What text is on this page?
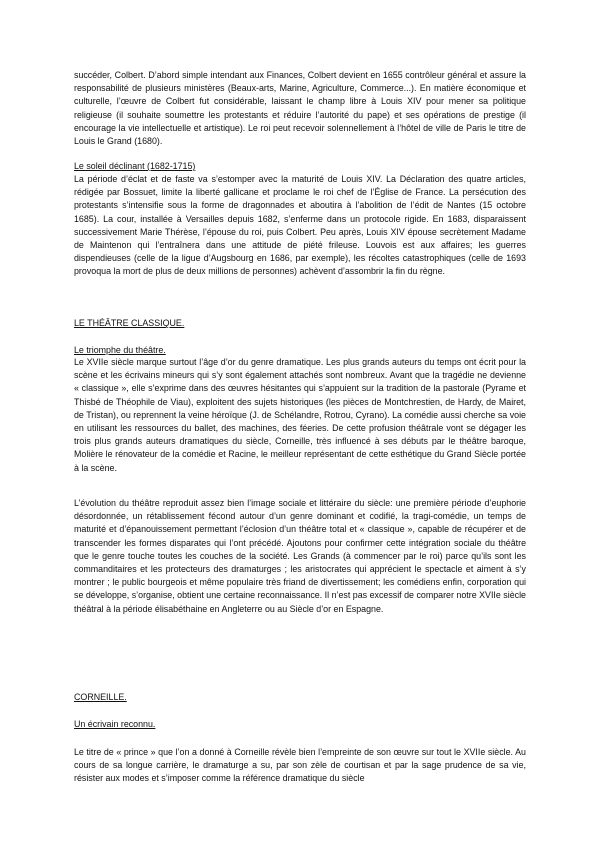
succéder, Colbert. D’abord simple intendant aux Finances, Colbert devient en 1655 contrôleur général et assure la responsabilité de plusieurs ministères (Beaux-arts, Marine, Agriculture, Commerce...). En matière économique et culturelle, l’œuvre de Colbert fut considérable, laissant le champ libre à Louis XIV pour mener sa politique religieuse (il souhaite soumettre les protestants et réduire l’autorité du pape) et ses opérations de prestige (il encourage la vie intellectuelle et artistique). Le roi peut recevoir solennellement à l’hôtel de ville de Paris le titre de Louis le Grand (1680).

Le soleil déclinant (1682-1715)

La période d’éclat et de faste va s’estomper avec la maturité de Louis XIV. La Déclaration des quatre articles, rédigée par Bossuet, limite la liberté gallicane et proclame le roi chef de l’Église de France. La persécution des protestants s’intensifie sous la forme de dragonnades et aboutira à l’abolition de l’édit de Nantes (15 octobre 1685). La cour, installée à Versailles depuis 1682, s’enferme dans un protocole rigide. En 1683, disparaissent successivement Marie Thérèse, l’épouse du roi, puis Colbert. Peu après, Louis XIV épouse secrètement Madame de Maintenon qui l’entraînera dans une attitude de piété frileuse. Louvois est aux affaires; les guerres dispendieuses (celle de la ligue d’Augsbourg en 1686, par exemple), les récoltes catastrophiques (celle de 1693 provoqua la mort de plus de deux millions de personnes) achèvent d’assombrir la fin du règne.

LE THÉÂTRE CLASSIQUE.

Le triomphe du théâtre.

Le XVIIe siècle marque surtout l’âge d’or du genre dramatique. Les plus grands auteurs du temps ont écrit pour la scène et les écrivains mineurs qui s’y sont également attachés sont nombreux. Avant que la tragédie ne devienne « classique », elle s’exprime dans des œuvres hésitantes qui s’appuient sur la tradition de la pastorale (Pyrame et Thisbé de Théophile de Viau), exploitent des sujets historiques (les pièces de Montchrestien, de Hardy, de Mairet, de Tristan), ou reprennent la veine héroïque (J. de Schélandre, Rotrou, Cyrano). La comédie aussi cherche sa voie en utilisant les ressources du ballet, des machines, des féeries. De cette profusion théâtrale vont se dégager les trois plus grands auteurs dramatiques du siècle, Corneille, très influencé à ses débuts par le théâtre baroque, Molière le rénovateur de la comédie et Racine, le meilleur représentant de cette esthétique du Grand Siècle portée à la scène.

L’évolution du théâtre reproduit assez bien l’image sociale et littéraire du siècle: une première période d’euphorie désordonnée, un rétablissement fécond autour d’un genre dominant et codifié, la tragi-comédie, un temps de maturité et d’épanouissement permettant l’éclosion d’un théâtre total et « classique », capable de récupérer et de transcender les formes disparates qui l’ont précédé. Ajoutons pour confirmer cette intégration sociale du théâtre que le genre touche toutes les couches de la société. Les Grands (à commencer par le roi) parce qu’ils sont les commanditaires et les protecteurs des dramaturges ; les aristocrates qui apprécient le spectacle et aiment à s’y montrer ; le public bourgeois et même populaire très friand de divertissement; les comédiens enfin, corporation qui se développe, s’organise, obtient une certaine reconnaissance. Il n’est pas excessif de comparer notre XVIIe siècle théâtral à la période élisabéthaine en Angleterre ou au Siècle d’or en Espagne.

CORNEILLE.

Un écrivain reconnu.

Le titre de « prince » que l’on a donné à Corneille révèle bien l’empreinte de son œuvre sur tout le XVIIe siècle. Au cours de sa longue carrière, le dramaturge a su, par son zèle de courtisan et par la sage prudence de sa vie, résister aux modes et s’imposer comme la référence dramatique du siècle
